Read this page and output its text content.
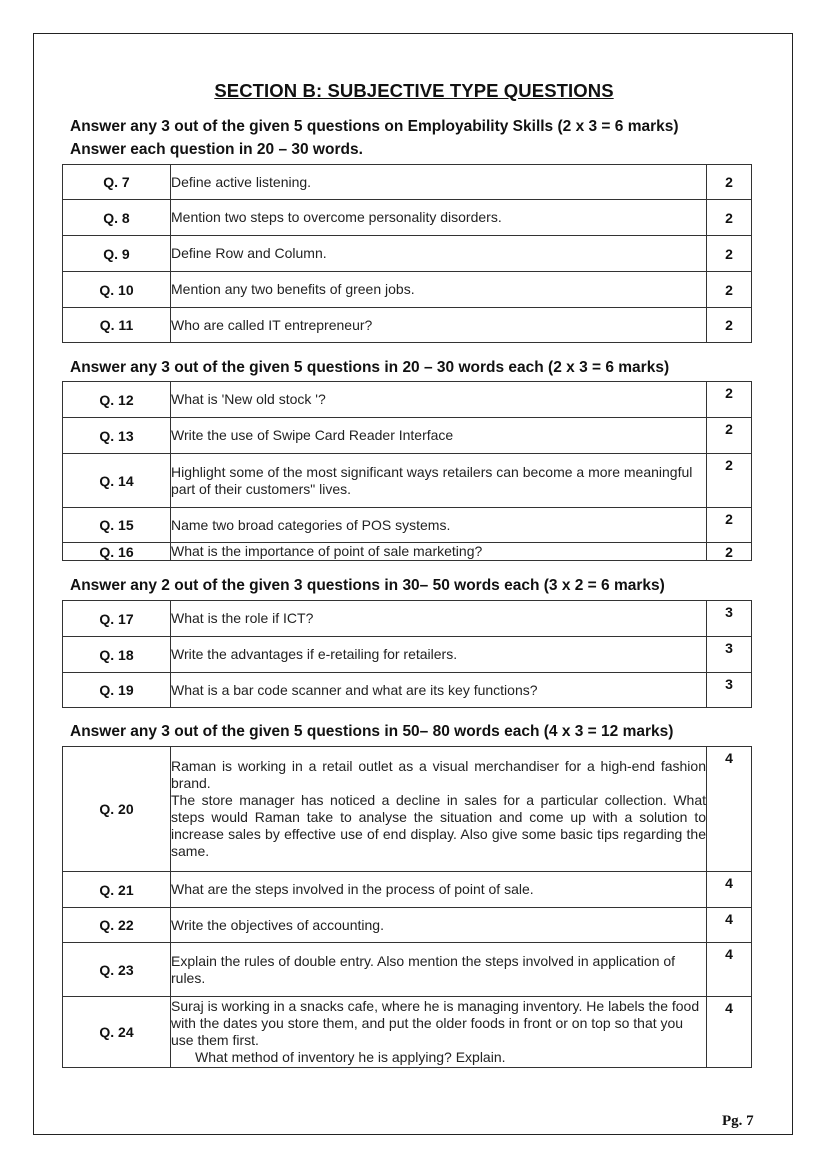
SECTION B: SUBJECTIVE TYPE QUESTIONS
Answer any 3 out of the given 5 questions on Employability Skills (2 x 3 = 6 marks)
Answer each question in 20 – 30 words.
Q. 7	Define active listening.	2
Q. 8	Mention two steps to overcome personality disorders.	2
Q. 9	Define Row and Column.	2
Q. 10	Mention any two benefits of green jobs.	2
Q. 11	Who are called IT entrepreneur?	2
Answer any 3 out of the given 5 questions in 20 – 30 words each (2 x 3 = 6 marks)
Q. 12	What is 'New old stock '?	2
Q. 13	Write the use of Swipe Card Reader Interface	2
Q. 14	Highlight some of the most significant ways retailers can become a more meaningful part of their customers" lives.	2
Q. 15	Name two broad categories of POS systems.	2
Q. 16	What is the importance of point of sale marketing?	2
Answer any 2 out of the given 3 questions in 30– 50 words each (3 x 2 = 6 marks)
Q. 17	What is the role if ICT?	3
Q. 18	Write the advantages if e-retailing for retailers.	3
Q. 19	What is a bar code scanner and what are its key functions?	3
Answer any 3 out of the given 5 questions in 50– 80 words each (4 x 3 = 12 marks)
Q. 20	Raman is working in a retail outlet as a visual merchandiser for a high-end fashion brand.
The store manager has noticed a decline in sales for a particular collection. What steps would Raman take to analyse the situation and come up with a solution to increase sales by effective use of end display. Also give some basic tips regarding the same.	4
Q. 21	What are the steps involved in the process of point of sale.	4
Q. 22	Write the objectives of accounting.	4
Q. 23	Explain the rules of double entry. Also mention the steps involved in application of rules.	4
Q. 24	Suraj is working in a snacks cafe, where he is managing inventory. He labels the food with the dates you store them, and put the older foods in front or on top so that you use them first.
What method of inventory he is applying? Explain.	4
Pg. 7
